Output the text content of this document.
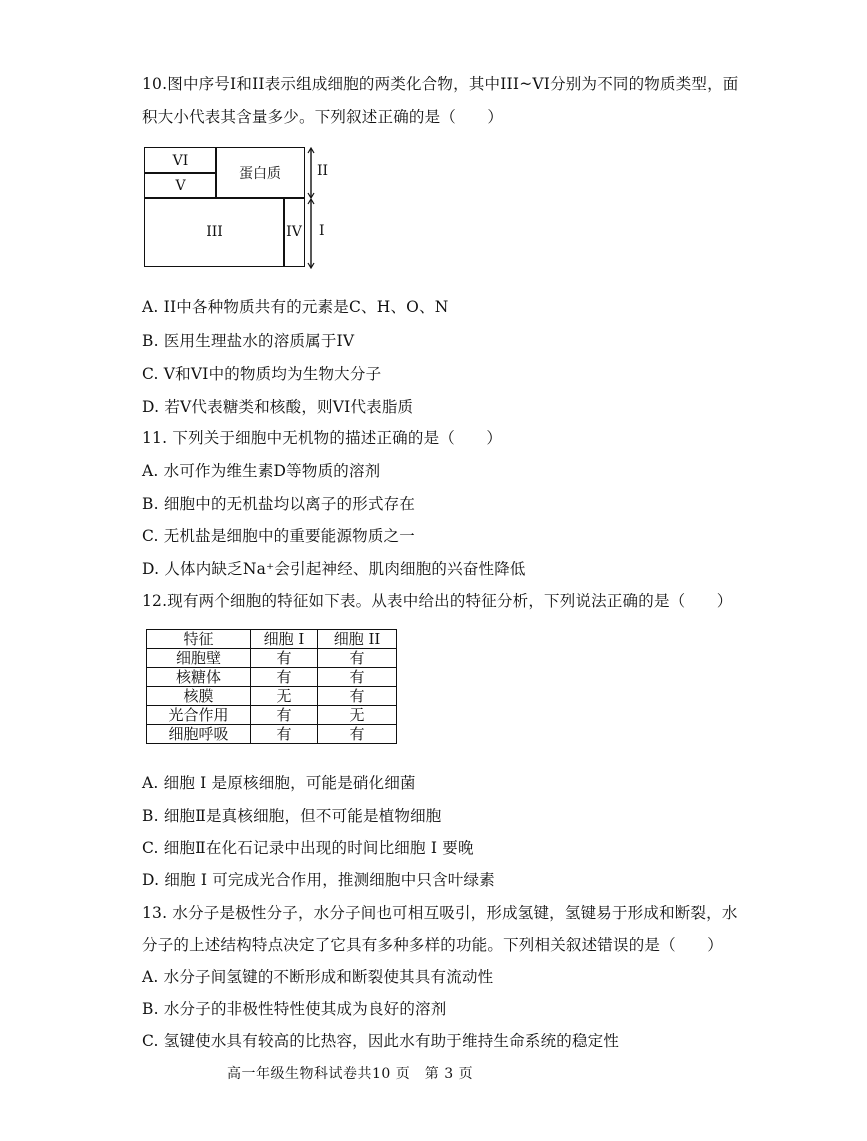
10.图中序号I和II表示组成细胞的两类化合物，其中III~VI分别为不同的物质类型，面
积大小代表其含量多少。下列叙述正确的是（　　）
VI
V
蛋白质
III	IV
II
I
A. II中各种物质共有的元素是C、H、O、N
B. 医用生理盐水的溶质属于IV
C. V和VI中的物质均为生物大分子
D. 若V代表糖类和核酸，则VI代表脂质
11. 下列关于细胞中无机物的描述正确的是（　　）
A. 水可作为维生素D等物质的溶剂
B. 细胞中的无机盐均以离子的形式存在
C. 无机盐是细胞中的重要能源物质之一
D. 人体内缺乏Na⁺会引起神经、肌肉细胞的兴奋性降低
12.现有两个细胞的特征如下表。从表中给出的特征分析，下列说法正确的是（　　）
特征	细胞 I	细胞 II
细胞壁	有	有
核糖体	有	有
核膜	无	有
光合作用	有	无
细胞呼吸	有	有
A. 细胞 I 是原核细胞，可能是硝化细菌
B. 细胞Ⅱ是真核细胞，但不可能是植物细胞
C. 细胞Ⅱ在化石记录中出现的时间比细胞 I 要晚
D. 细胞 I 可完成光合作用，推测细胞中只含叶绿素
13. 水分子是极性分子，水分子间也可相互吸引，形成氢键，氢键易于形成和断裂，水
分子的上述结构特点决定了它具有多种多样的功能。下列相关叙述错误的是（　　）
A. 水分子间氢键的不断形成和断裂使其具有流动性
B. 水分子的非极性特性使其成为良好的溶剂
C. 氢键使水具有较高的比热容，因此水有助于维持生命系统的稳定性
高一年级生物科试卷共10 页　第 3 页
